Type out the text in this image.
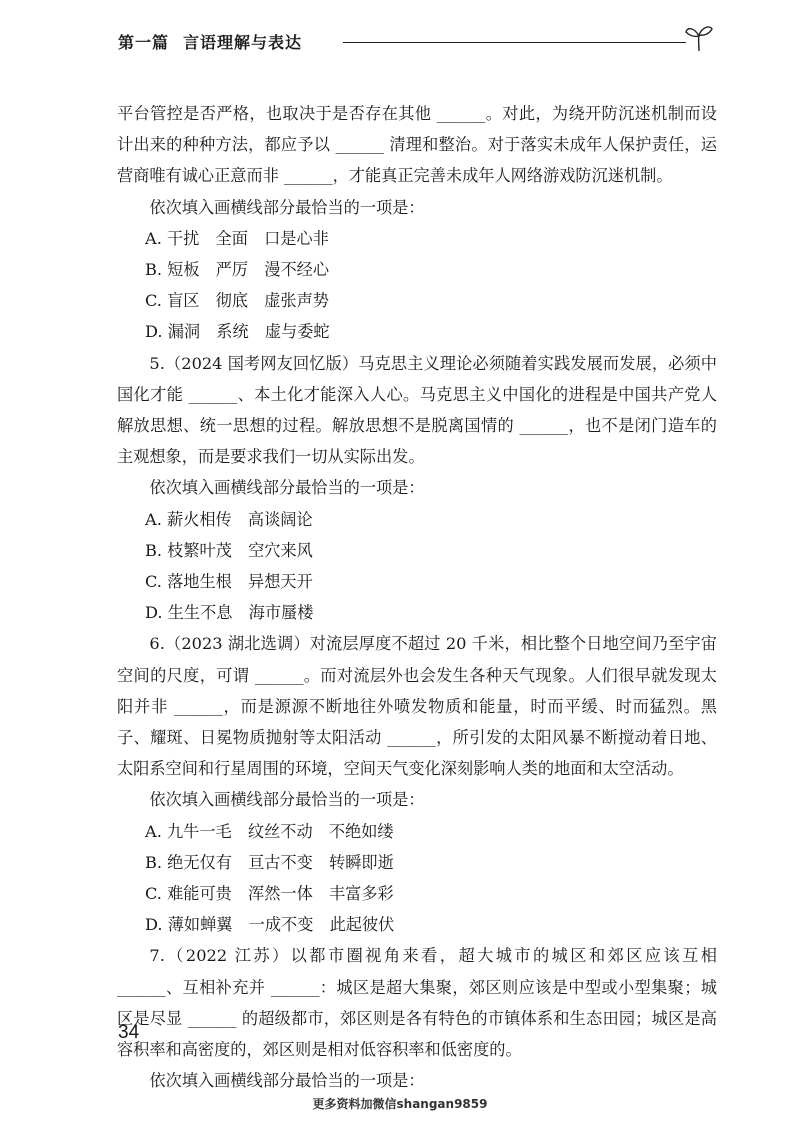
第一篇 言语理解与表达

平台管控是否严格，也取决于是否存在其他 ______。对此，为绕开防沉迷机制而设计出来的种种方法，都应予以 ______ 清理和整治。对于落实未成年人保护责任，运营商唯有诚心正意而非 ______，才能真正完善未成年人网络游戏防沉迷机制。

依次填入画横线部分最恰当的一项是：

A. 干扰　全面　口是心非

B. 短板　严厉　漫不经心

C. 盲区　彻底　虚张声势

D. 漏洞　系统　虚与委蛇

5.（2024 国考网友回忆版）马克思主义理论必须随着实践发展而发展，必须中国化才能 ______、本土化才能深入人心。马克思主义中国化的进程是中国共产党人解放思想、统一思想的过程。解放思想不是脱离国情的 ______，也不是闭门造车的主观想象，而是要求我们一切从实际出发。

依次填入画横线部分最恰当的一项是：

A. 薪火相传　高谈阔论

B. 枝繁叶茂　空穴来风

C. 落地生根　异想天开

D. 生生不息　海市蜃楼

6.（2023 湖北选调）对流层厚度不超过 20 千米，相比整个日地空间乃至宇宙空间的尺度，可谓 ______。而对流层外也会发生各种天气现象。人们很早就发现太阳并非 ______，而是源源不断地往外喷发物质和能量，时而平缓、时而猛烈。黑子、耀斑、日冕物质抛射等太阳活动 ______，所引发的太阳风暴不断搅动着日地、太阳系空间和行星周围的环境，空间天气变化深刻影响人类的地面和太空活动。

依次填入画横线部分最恰当的一项是：

A. 九牛一毛　纹丝不动　不绝如缕

B. 绝无仅有　亘古不变　转瞬即逝

C. 难能可贵　浑然一体　丰富多彩

D. 薄如蝉翼　一成不变　此起彼伏

7.（2022 江苏）以都市圈视角来看，超大城市的城区和郊区应该互相 ______、互相补充并 ______：城区是超大集聚，郊区则应该是中型或小型集聚；城区是尽显 ______ 的超级都市，郊区则是各有特色的市镇体系和生态田园；城区是高容积率和高密度的，郊区则是相对低容积率和低密度的。

依次填入画横线部分最恰当的一项是：

34
更多资料加微信shangan9859
